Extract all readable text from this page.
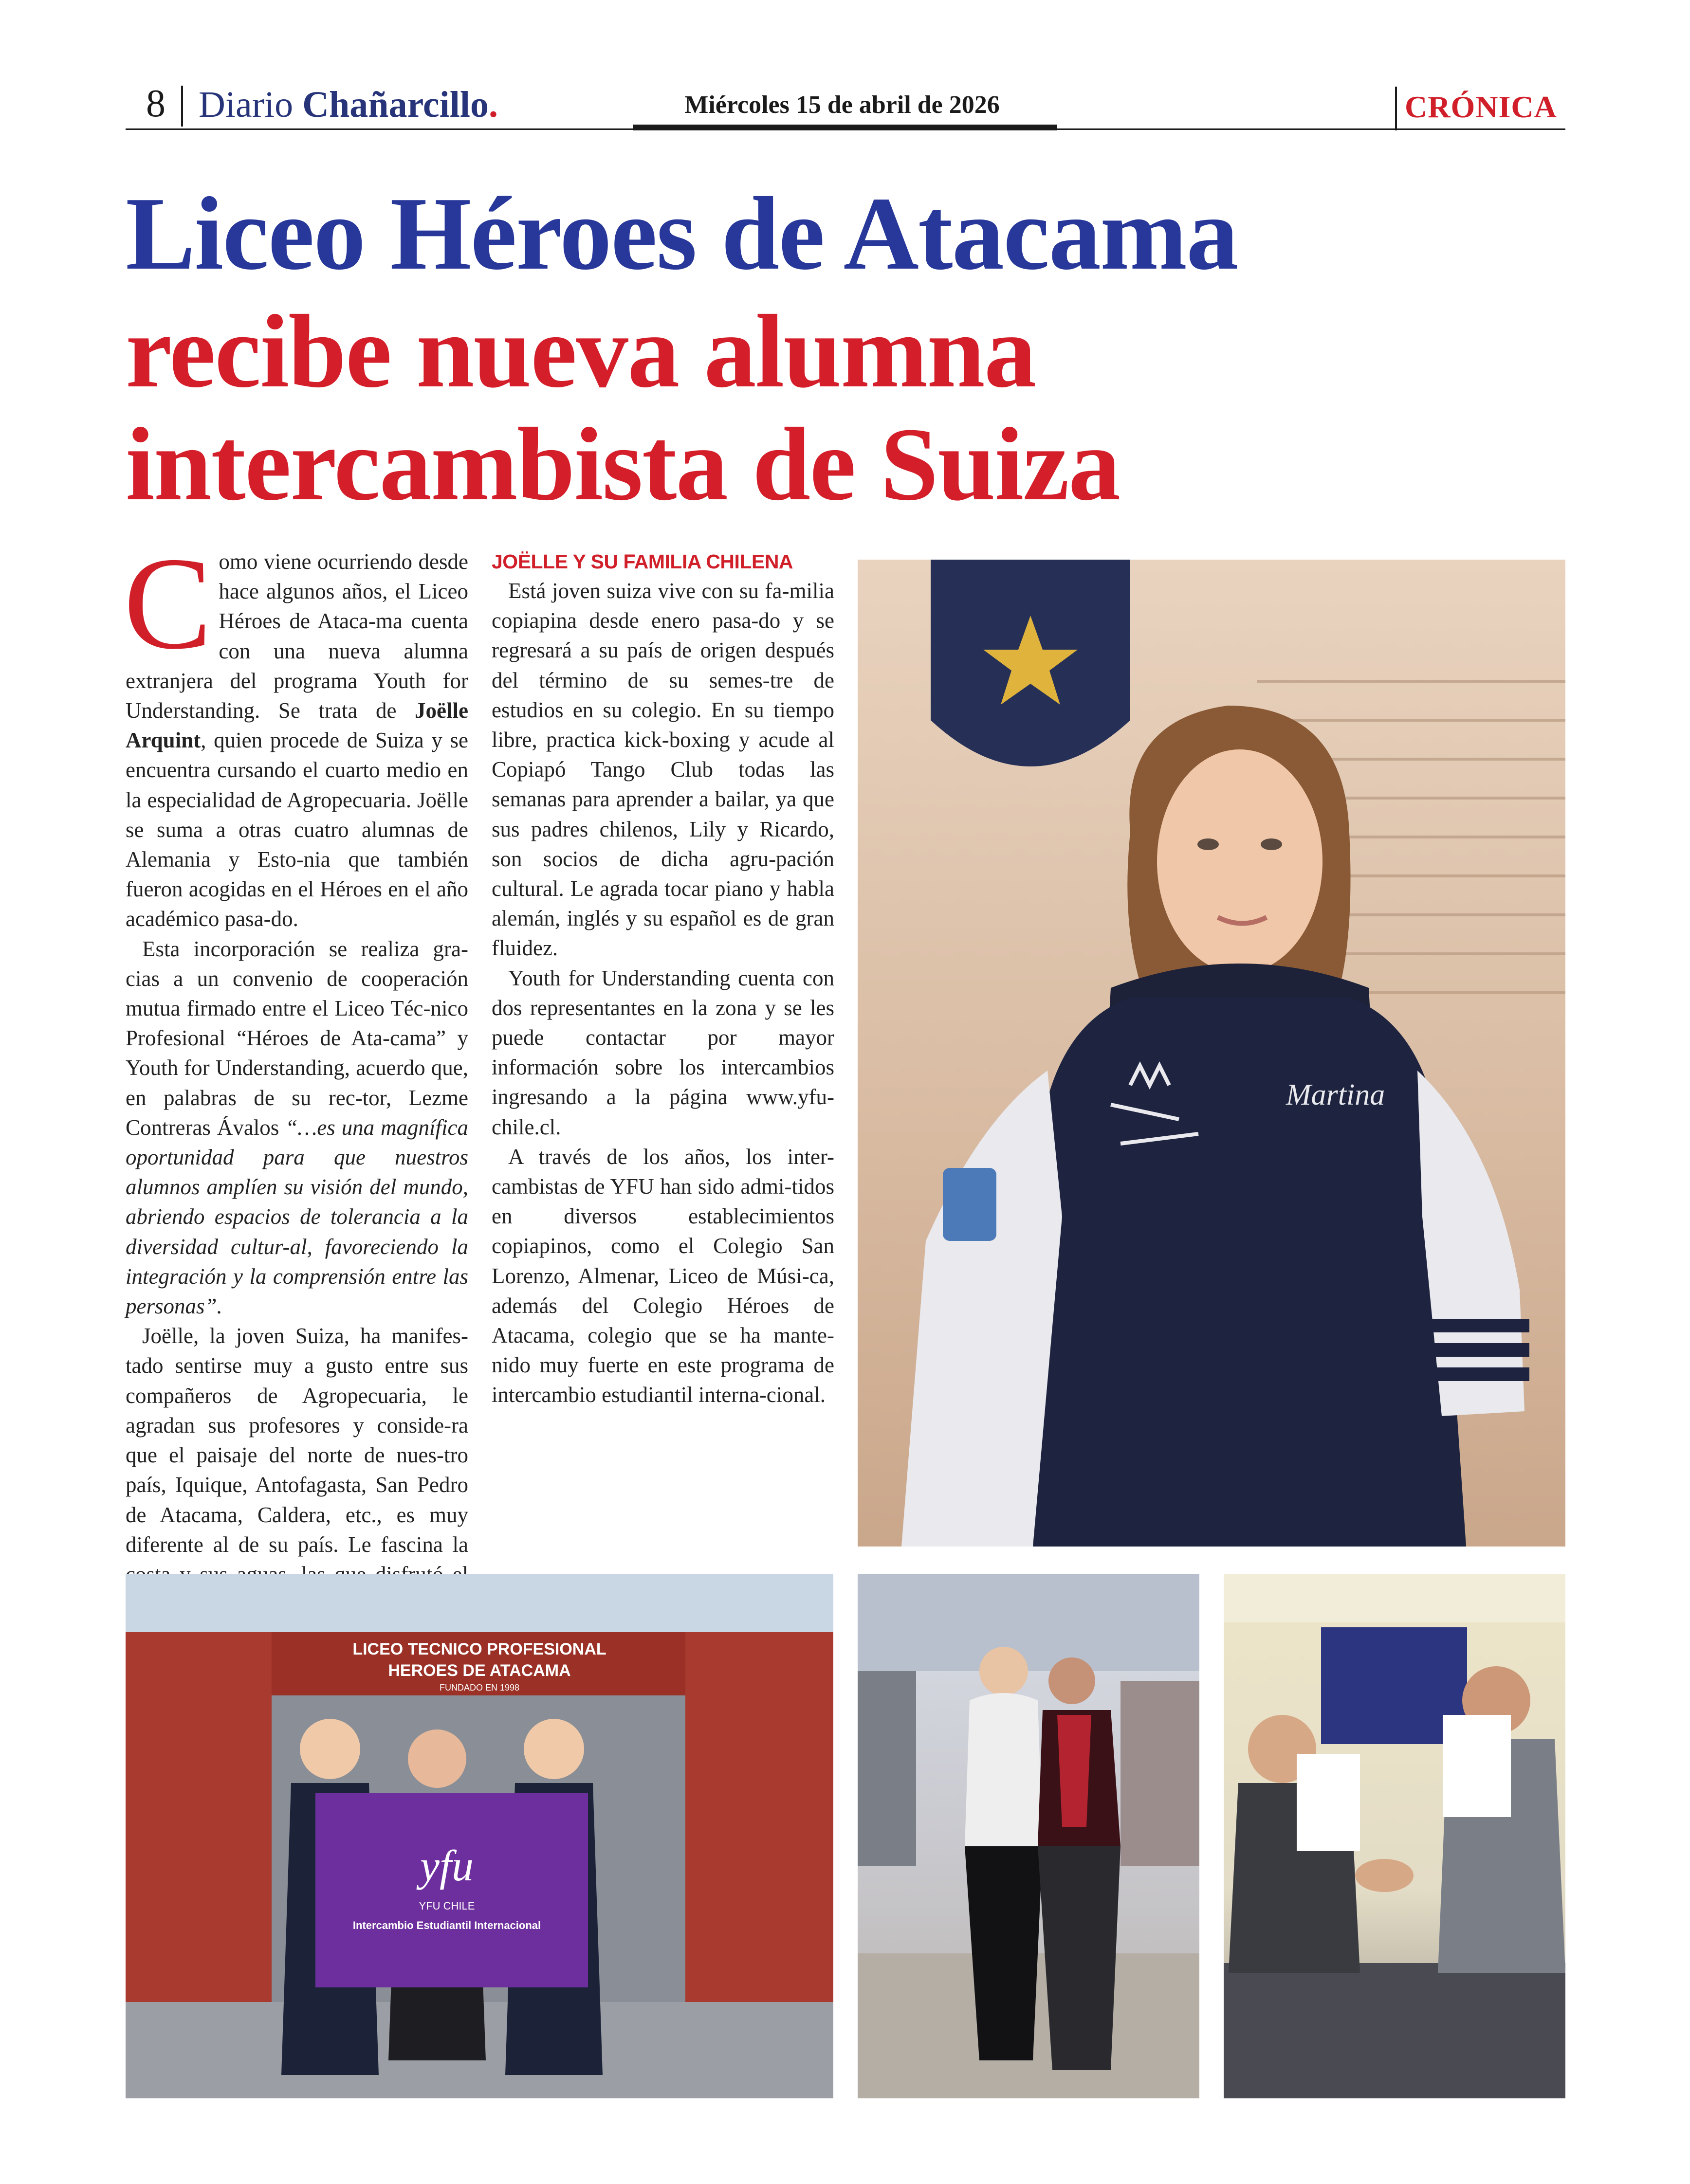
8 Diario Chañarcillo.	Miércoles 15 de abril de 2026	CRÓNICA
Liceo Héroes de Atacama
recibe nueva alumna
intercambista de Suiza

Como viene ocurriendo desde hace algunos años, el Liceo Héroes de Ataca-ma cuenta con una nueva alumna extranjera del programa Youth for Understanding. Se trata de Joëlle Arquint, quien procede de Suiza y se encuentra cursando el cuarto medio en la especialidad de Agropecuaria. Joëlle se suma a otras cuatro alumnas de Alemania y Esto-nia que también fueron acogidas en el Héroes en el año académico pasa-do.

Esta incorporación se realiza gra-cias a un convenio de cooperación mutua firmado entre el Liceo Téc-nico Profesional “Héroes de Ata-cama” y Youth for Understanding, acuerdo que, en palabras de su rec-tor, Lezme Contreras Ávalos “…es una magnífica oportunidad para que nuestros alumnos amplíen su visión del mundo, abriendo espacios de tolerancia a la diversidad cultur-al, favoreciendo la integración y la comprensión entre las personas”.

Joëlle, la joven Suiza, ha manifes-tado sentirse muy a gusto entre sus compañeros de Agropecuaria, le agradan sus profesores y conside-ra que el paisaje del norte de nues-tro país, Iquique, Antofagasta, San Pedro de Atacama, Caldera, etc., es muy diferente al de su país. Le fascina la

JOËLLE Y SU FAMILIA CHILENA

Está joven suiza vive con su fa-milia copiapina desde enero pasa-do y se regresará a su país de origen después del término de su semes-tre de estudios en su colegio. En su tiempo libre, practica kick-boxing y acude al Copiapó Tango Club todas las semanas para aprender a bailar, ya que sus padres chilenos, Lily y Ricardo, son socios de dicha agru-pación cultural. Le agrada tocar piano y habla alemán, inglés y su español es de gran fluidez.

Youth for Understanding cuenta con dos representantes en la zona y se les puede contactar por mayor información sobre los intercambios ingresando a la página www.yfu-chile.cl.

A través de los años, los inter-cambistas de YFU han sido admi-tidos en diversos establecimientos copiapinos, como el Colegio San Lorenzo, Almenar, Liceo de Músi-ca, además del Colegio Héroes de Atacama, colegio que se ha mante-nido muy fuerte en este programa de intercambio estudiantil interna-cional.

Martina
LICEO TECNICO PROFESIONAL
HEROES DE ATACAMA
FUNDADO EN 1998
yfu
YFU CHILE
Intercambio Estudiantil Internacional
